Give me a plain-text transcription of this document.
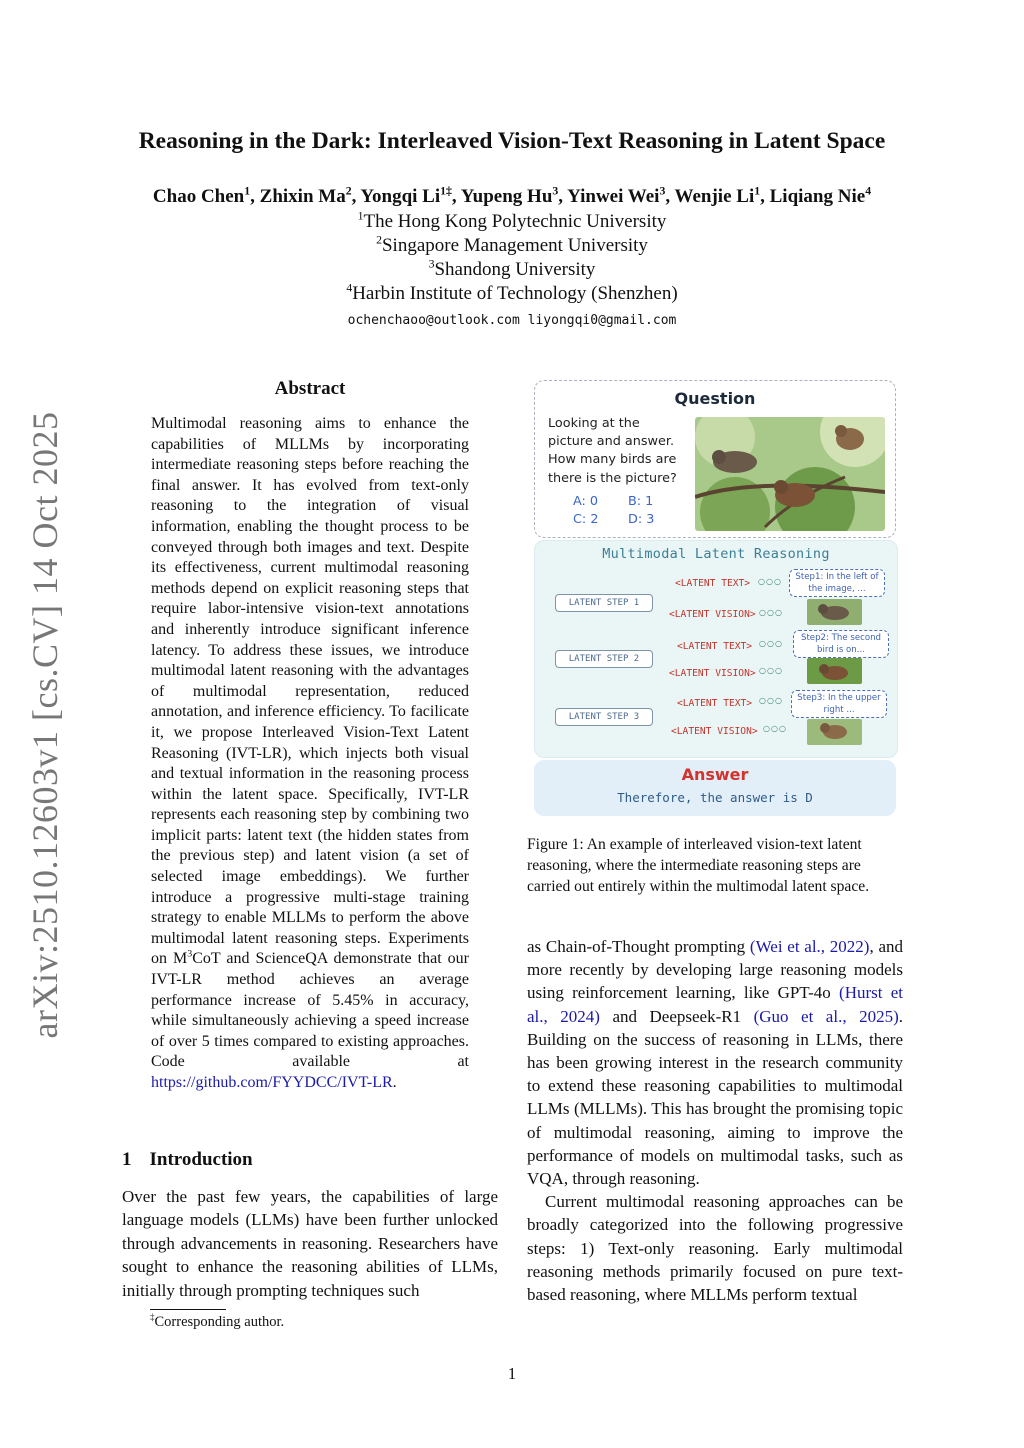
arXiv:2510.12603v1 [cs.CV] 14 Oct 2025
Reasoning in the Dark: Interleaved Vision-Text Reasoning in Latent Space
Chao Chen$^1$, Zhixin Ma$^2$, Yongqi $Li^{1\ddagger}$, Yupeng Hu$^3$, Yinwei Wei$^3$, Wenjie Li$^1$, Liqiang Nie$^4$
$^1$The Hong Kong Polytechnic University
$^2$Singapore Management University
$^3$Shandong University
$^4$Harbin Institute of Technology (Shenzhen)
ochenchaoo@outlook.com liyongqi0@gmail.com
Abstract
Multimodal reasoning aims to enhance the capabilities of MLLMs by incorporating intermediate reasoning steps before reaching the final answer. It has evolved from text-only reasoning to the integration of visual information, enabling the thought process to be conveyed through both images and text. Despite its effectiveness, current multimodal reasoning methods depend on explicit reasoning steps that require labor-intensive vision-text annotations and inherently introduce significant inference latency. To address these issues, we introduce multimodal latent reasoning with the advantages of multimodal representation, reduced annotation, and inference efficiency. To facilicate it, we propose Interleaved Vision-Text Latent Reasoning (IVT-LR), which injects both visual and textual information in the reasoning process within the latent space. Specifically, IVT-LR represents each reasoning step by combining two implicit parts: latent text (the hidden states from the previous step) and latent vision (a set of selected image embeddings). We further introduce a progressive multi-stage training strategy to enable MLLMs to perform the above multimodal latent reasoning steps. Experiments on $M^3CoT$ and ScienceQA demonstrate that our IVT-LR method achieves an average performance increase of 5.45% in accuracy, while simultaneously achieving a speed increase of over 5 times compared to existing approaches. Code available at https://github.com/FYYDCC/IVT-LR.
1 Introduction
Over the past few years, the capabilities of large language models (LLMs) have been further unlocked through advancements in reasoning. Researchers have sought to enhance the reasoning abilities of LLMs, initially through prompting techniques such
‡Corresponding author.
1
Question
Looking at the picture and answer. How many birds are there is the picture?
A: 0	B: 1
C: 2	D: 3
Multimodal Latent Reasoning
<LATENT TEXT> ○○○	Step1: In the left of the image, ...
LATENT STEP 1
<LATENT VISION> ○○○
<LATENT TEXT> ○○○
Step2: The second bird is on...
LATENT STEP 2
<LATENT VISION> ○○○
<LATENT TEXT> ○○○	Step3: In the upper right ...
LATENT STEP 3
<LATENT VISION> ○○○
Answer
Therefore, the answer is D
Figure 1: An example of interleaved vision-text latent reasoning, where the intermediate reasoning steps are carried out entirely within the multimodal latent space.
as Chain-of-Thought prompting (Wei et al., 2022), and more recently by developing large reasoning models using reinforcement learning, like GPT-4o (Hurst et al., 2024) and Deepseek-R1 (Guo et al., 2025). Building on the success of reasoning in LLMs, there has been growing interest in the research community to extend these reasoning capabilities to multimodal LLMs (MLLMs). This has brought the promising topic of multimodal reasoning, aiming to improve the performance of models on multimodal tasks, such as VQA, through reasoning.
Current multimodal reasoning approaches can be broadly categorized into the following progressive steps: 1) Text-only reasoning. Early multimodal reasoning methods primarily focused on pure text-based reasoning, where MLLMs perform textual
